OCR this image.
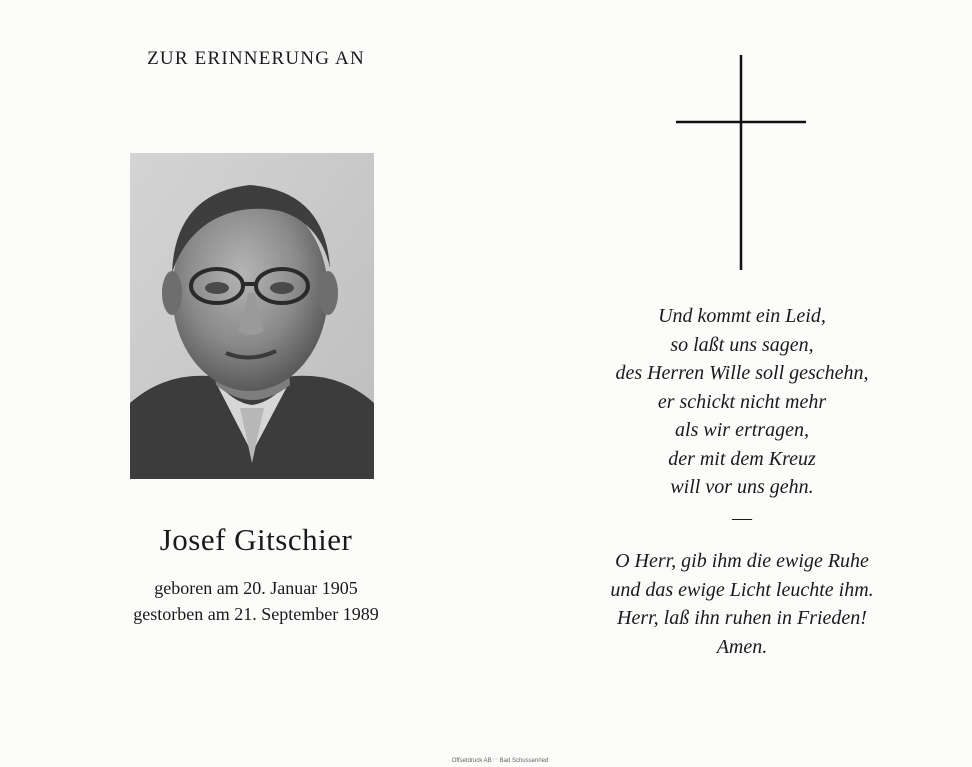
ZUR ERINNERUNG AN
Josef Gitschier
geboren am 20. Januar 1905
gestorben am 21. September 1989
Und kommt ein Leid,
so laßt uns sagen,
des Herren Wille soll geschehn,
er schickt nicht mehr
als wir ertragen,
der mit dem Kreuz
will vor uns gehn.
—
O Herr, gib ihm die ewige Ruhe
und das ewige Licht leuchte ihm.
Herr, laß ihn ruhen in Frieden!
Amen.
Offsetdruck AB⁻⁻ Bad Schussenried
